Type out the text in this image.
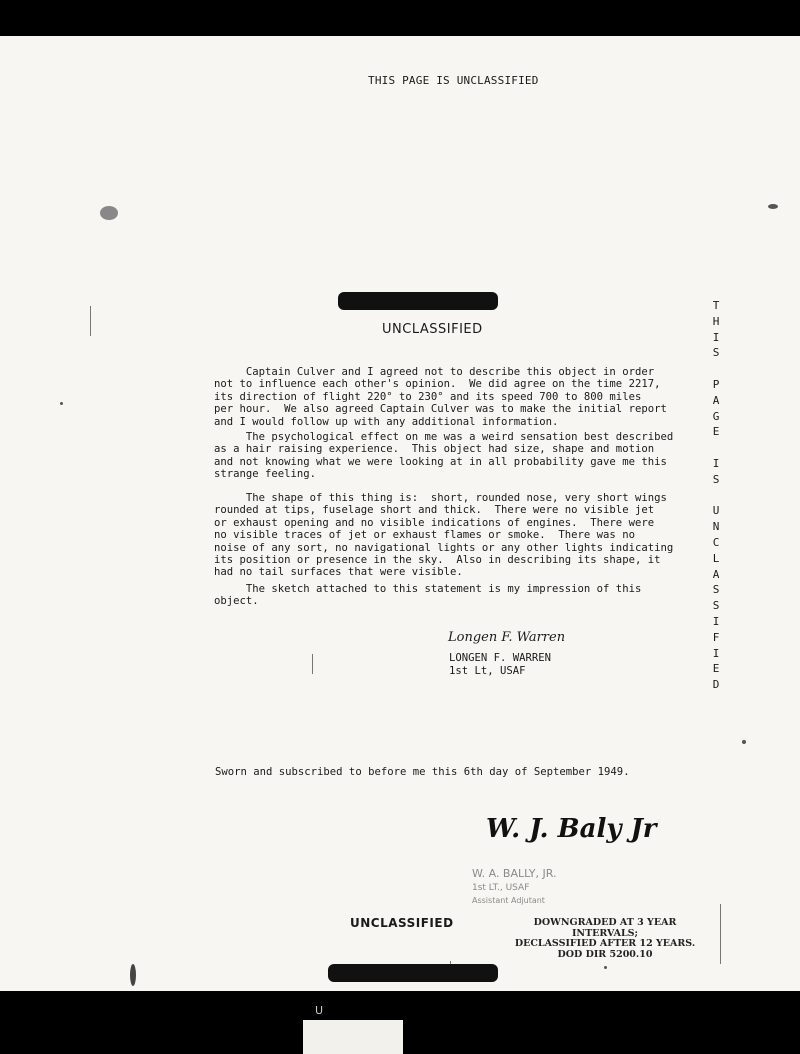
THIS PAGE IS UNCLASSIFIED
UNCLASSIFIED
T
H
I
S

P
A
G
E

I
S

U
N
C
L
A
S
S
I
F
I
E
D
Captain Culver and I agreed not to describe this object in order
not to influence each other's opinion.  We did agree on the time 2217,
its direction of flight 220° to 230° and its speed 700 to 800 miles
per hour.  We also agreed Captain Culver was to make the initial report
and I would follow up with any additional information.
The psychological effect on me was a weird sensation best described
as a hair raising experience.  This object had size, shape and motion
and not knowing what we were looking at in all probability gave me this
strange feeling.
The shape of this thing is:  short, rounded nose, very short wings
rounded at tips, fuselage short and thick.  There were no visible jet
or exhaust opening and no visible indications of engines.  There were
no visible traces of jet or exhaust flames or smoke.  There was no
noise of any sort, no navigational lights or any other lights indicating
its position or presence in the sky.  Also in describing its shape, it
had no tail surfaces that were visible.
The sketch attached to this statement is my impression of this
object.
Longen F. Warren
LONGEN F. WARREN
1st Lt, USAF
Sworn and subscribed to before me this 6th day of September 1949.
W. J. Baly Jr
W. A. BALLY, JR.
1st LT., USAF
Assistant Adjutant
UNCLASSIFIED	DOWNGRADED AT 3 YEAR INTERVALS;
DECLASSIFIED AFTER 12 YEARS.
DOD DIR 5200.10
U
